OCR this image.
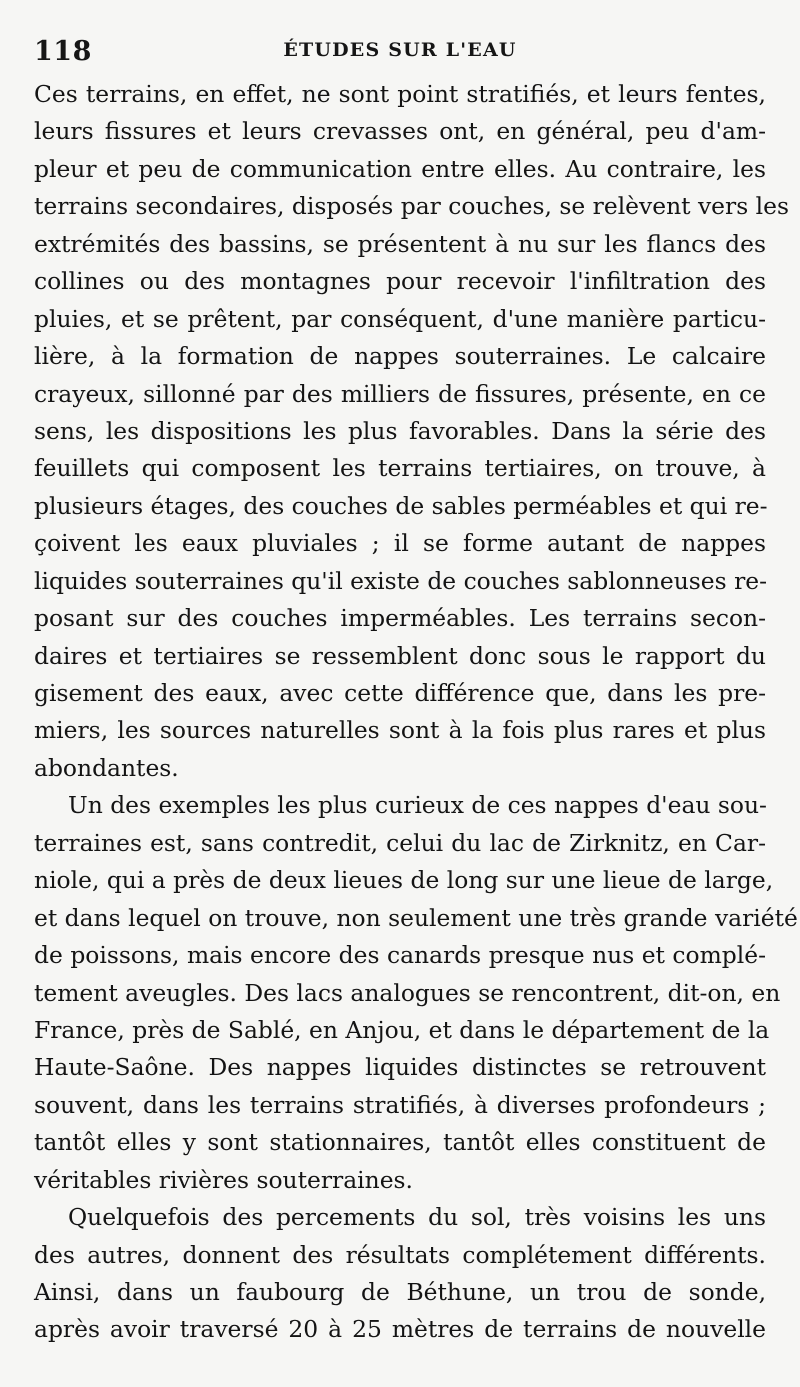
118	ÉTUDES SUR L'EAU
Ces terrains, en effet, ne sont point stratifiés, et leurs fentes,
leurs fissures et leurs crevasses ont, en général, peu d'am-
pleur et peu de communication entre elles. Au contraire, les
terrains secondaires, disposés par couches, se relèvent vers les
extrémités des bassins, se présentent à nu sur les flancs des
collines ou des montagnes pour recevoir l'infiltration des
pluies, et se prêtent, par conséquent, d'une manière particu-
lière, à la formation de nappes souterraines. Le calcaire
crayeux, sillonné par des milliers de fissures, présente, en ce
sens, les dispositions les plus favorables. Dans la série des
feuillets qui composent les terrains tertiaires, on trouve, à
plusieurs étages, des couches de sables perméables et qui re-
çoivent les eaux pluviales ; il se forme autant de nappes
liquides souterraines qu'il existe de couches sablonneuses re-
posant sur des couches imperméables. Les terrains secon-
daires et tertiaires se ressemblent donc sous le rapport du
gisement des eaux, avec cette différence que, dans les pre-
miers, les sources naturelles sont à la fois plus rares et plus
abondantes.
Un des exemples les plus curieux de ces nappes d'eau sou-
terraines est, sans contredit, celui du lac de Zirknitz, en Car-
niole, qui a près de deux lieues de long sur une lieue de large,
et dans lequel on trouve, non seulement une très grande variété
de poissons, mais encore des canards presque nus et complé-
tement aveugles. Des lacs analogues se rencontrent, dit-on, en
France, près de Sablé, en Anjou, et dans le département de la
Haute-Saône. Des nappes liquides distinctes se retrouvent
souvent, dans les terrains stratifiés, à diverses profondeurs ;
tantôt elles y sont stationnaires, tantôt elles constituent de
véritables rivières souterraines.
Quelquefois des percements du sol, très voisins les uns
des autres, donnent des résultats complétement différents.
Ainsi, dans un faubourg de Béthune, un trou de sonde,
après avoir traversé 20 à 25 mètres de terrains de nouvelle
